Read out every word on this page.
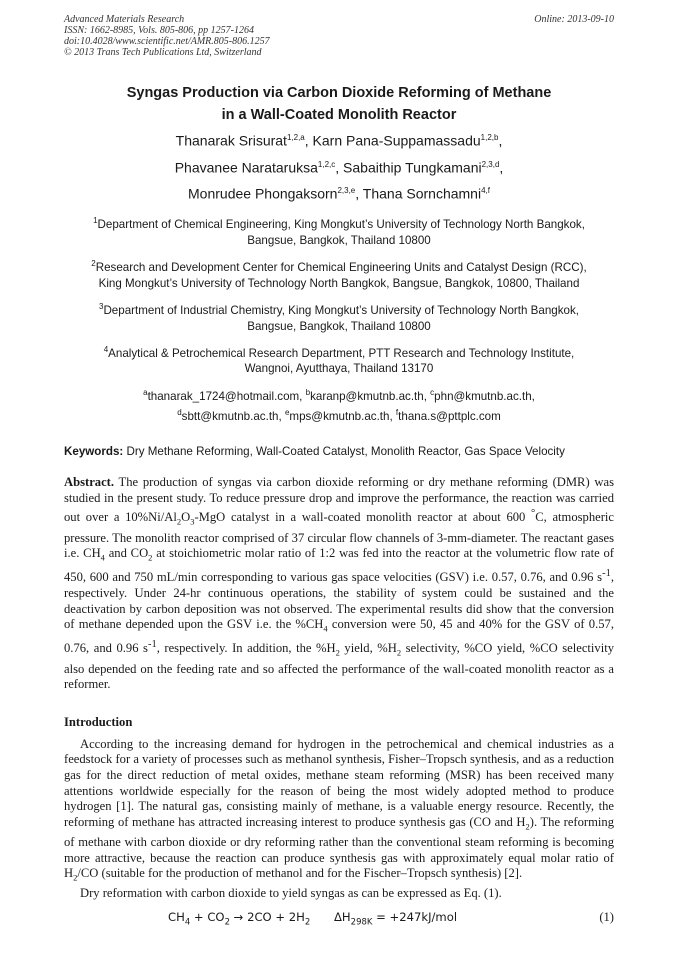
Advanced Materials Research
ISSN: 1662-8985, Vols. 805-806, pp 1257-1264
doi:10.4028/www.scientific.net/AMR.805-806.1257
© 2013 Trans Tech Publications Ltd, Switzerland
Online: 2013-09-10
Syngas Production via Carbon Dioxide Reforming of Methane
in a Wall-Coated Monolith Reactor
Thanarak Srisurat$^{1,2,a}$, Karn Pana-Suppamassadu$^{1,2,b}$,
Phavanee Narataruksa$^{1,2,c}$, Sabaithip Tungkamani$^{2,3,d}$,
Monrudee Phongaksorn$^{2,3,e}$, Thana Sornchamni$^{4,f}$
$^1$Department of Chemical Engineering, King Mongkut’s University of Technology North Bangkok,
Bangsue, Bangkok, Thailand 10800
$^2$Research and Development Center for Chemical Engineering Units and Catalyst Design (RCC),
King Mongkut’s University of Technology North Bangkok, Bangsue, Bangkok, 10800, Thailand
$^3$Department of Industrial Chemistry, King Mongkut’s University of Technology North Bangkok,
Bangsue, Bangkok, Thailand 10800
$^4$Analytical & Petrochemical Research Department, PTT Research and Technology Institute,
Wangnoi, Ayutthaya, Thailand 13170
$^a$thanarak_1724@hotmail.com, $^b$karanp@kmutnb.ac.th, $^c$phn@kmutnb.ac.th,
$^d$sbtt@kmutnb.ac.th, $^e$mps@kmutnb.ac.th, $^f$thana.s@pttplc.com
Keywords: Dry Methane Reforming, Wall-Coated Catalyst, Monolith Reactor, Gas Space Velocity
Abstract. The production of syngas via carbon dioxide reforming or dry methane reforming (DMR) was studied in the present study. To reduce pressure drop and improve the performance, the reaction was carried out over a $10\%Ni/Al_2O_3$-MgO catalyst in a wall-coated monolith reactor at about 600 °C, atmospheric pressure. The monolith reactor comprised of 37 circular flow channels of 3-mm-diameter. The reactant gases i.e. $CH_4$ and $CO_2$ at stoichiometric molar ratio of 1:2 was fed into the reactor at the volumetric flow rate of 450, 600 and 750 mL/min corresponding to various gas space velocities (GSV) i.e. 0.57, 0.76, and 0.96 $s^{-1}$, respectively. Under 24-hr continuous operations, the stability of system could be sustained and the deactivation by carbon deposition was not observed. The experimental results did show that the conversion of methane depended upon the GSV i.e. the $\%CH_4$ conversion were 50, 45 and 40% for the GSV of 0.57, 0.76, and 0.96 $s^{-1}$, respectively. In addition, the $\%H_2$ yield, $\%H_2$ selectivity, %CO yield, %CO selectivity also depended on the feeding rate and so affected the performance of the wall-coated monolith reactor as a reformer.
Introduction
According to the increasing demand for hydrogen in the petrochemical and chemical industries as a feedstock for a variety of processes such as methanol synthesis, Fisher–Tropsch synthesis, and as a reduction gas for the direct reduction of metal oxides, methane steam reforming (MSR) has been received many attentions worldwide especially for the reason of being the most widely adopted method to produce hydrogen [1]. The natural gas, consisting mainly of methane, is a valuable energy resource. Recently, the reforming of methane has attracted increasing interest to produce synthesis gas (CO and $H_2$). The reforming of methane with carbon dioxide or dry reforming rather than the conventional steam reforming is becoming more attractive, because the reaction can produce synthesis gas with approximately equal molar ratio of $H_2/CO$ (suitable for the production of methanol and for the Fischer–Tropsch synthesis) [2].
Dry reformation with carbon dioxide to yield syngas as can be expressed as Eq. (1).
$CH_4 + CO_2 \to 2CO + 2H_2$ $\Delta H_{298K} = +247kJ/mol$	(1)
